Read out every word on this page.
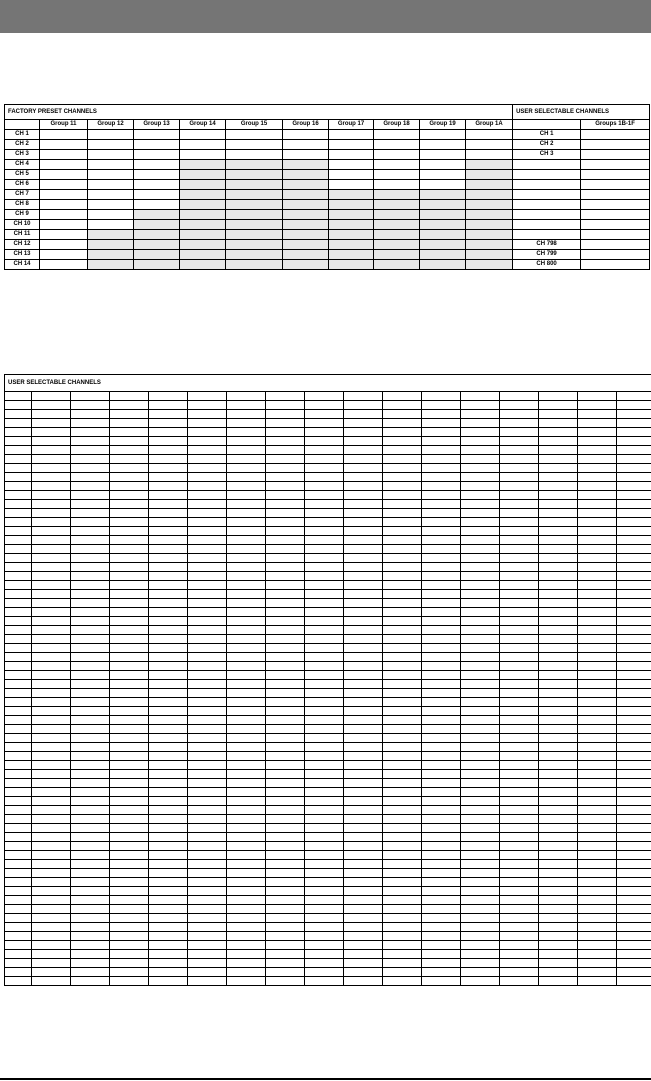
FACTORY PRESET CHANNELS											USER SELECTABLE CHANNELS	
	Group 11	Group 12	Group 13	Group 14	Group 15	Group 16	Group 17	Group 18	Group 19	Group 1A		Groups 1B-1F
CH 1											CH 1	
CH 2											CH 2	
CH 3											CH 3	
CH 4												
CH 5												
CH 6												
CH 7												
CH 8												
CH 9												
CH 10												
CH 11												
CH 12											CH 798	
CH 13											CH 799	
CH 14											CH 800	
USER SELECTABLE CHANNELS																
